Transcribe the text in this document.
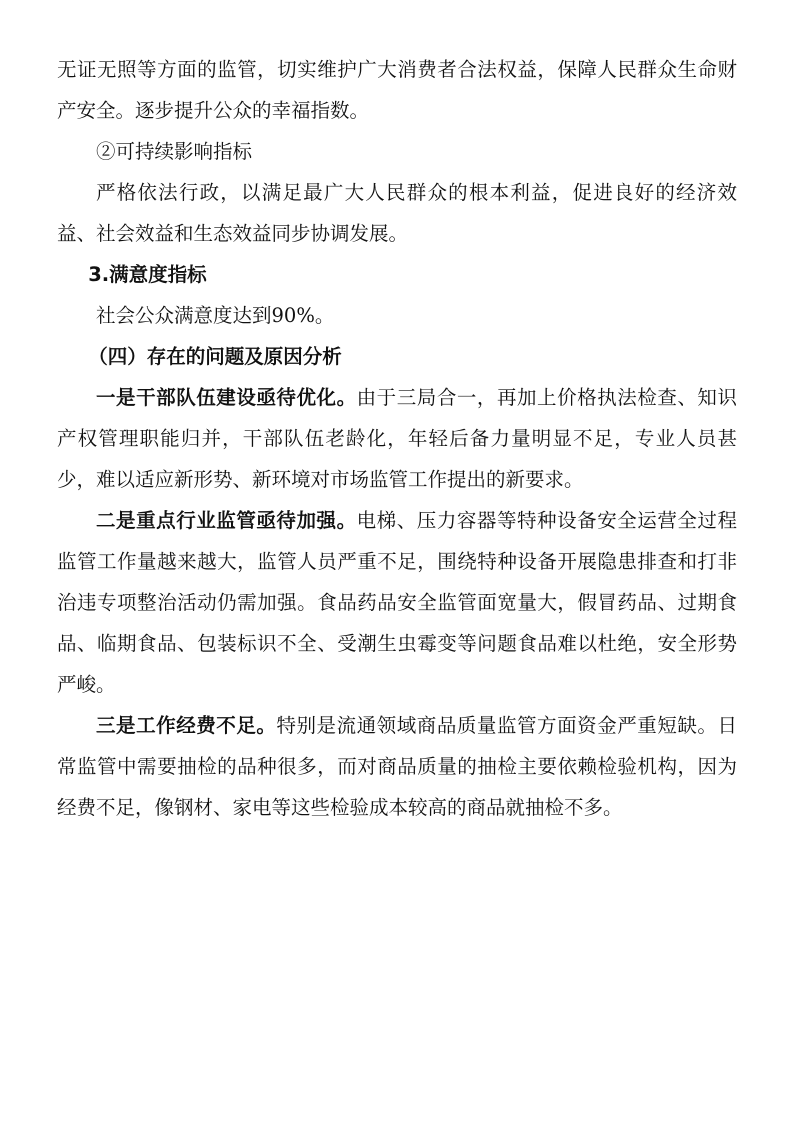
无证无照等方面的监管，切实维护广大消费者合法权益，保障人民群众生命财产安全。逐步提升公众的幸福指数。

②可持续影响指标

严格依法行政，以满足最广大人民群众的根本利益，促进良好的经济效益、社会效益和生态效益同步协调发展。

3.满意度指标

社会公众满意度达到90%。

（四）存在的问题及原因分析

一是干部队伍建设亟待优化。由于三局合一，再加上价格执法检查、知识产权管理职能归并，干部队伍老龄化，年轻后备力量明显不足，专业人员甚少，难以适应新形势、新环境对市场监管工作提出的新要求。

二是重点行业监管亟待加强。电梯、压力容器等特种设备安全运营全过程监管工作量越来越大，监管人员严重不足，围绕特种设备开展隐患排查和打非治违专项整治活动仍需加强。食品药品安全监管面宽量大，假冒药品、过期食品、临期食品、包装标识不全、受潮生虫霉变等问题食品难以杜绝，安全形势严峻。

三是工作经费不足。特别是流通领域商品质量监管方面资金严重短缺。日常监管中需要抽检的品种很多，而对商品质量的抽检主要依赖检验机构，因为经费不足，像钢材、家电等这些检验成本较高的商品就抽检不多。
